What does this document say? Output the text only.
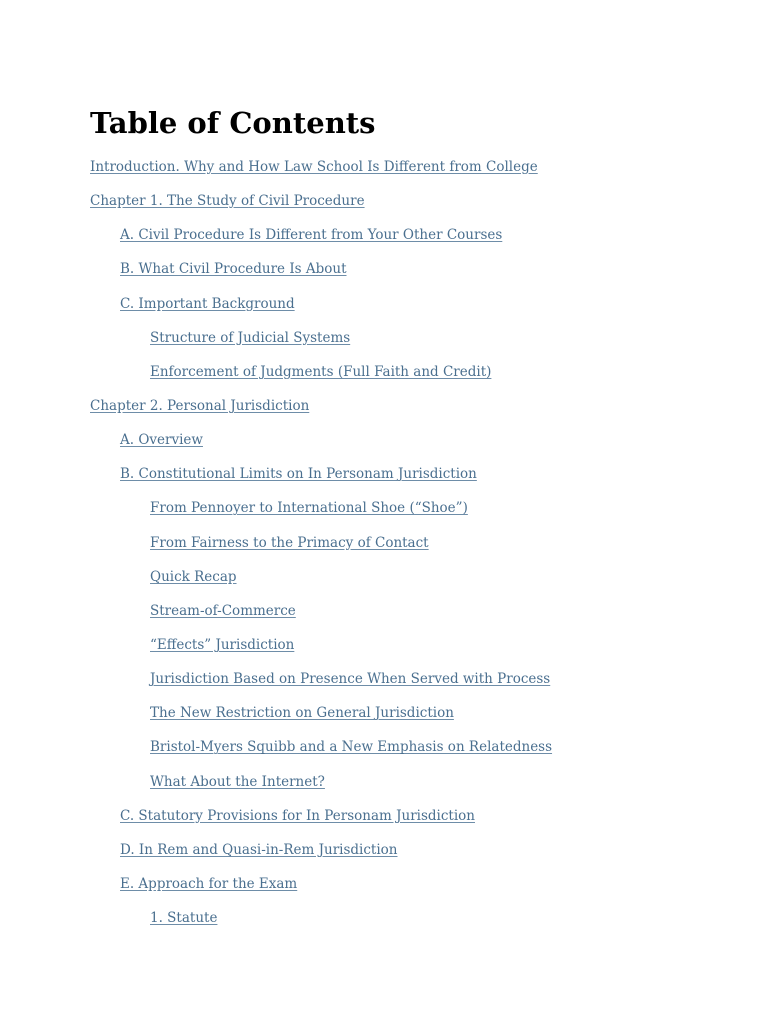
Table of Contents
Introduction. Why and How Law School Is Different from College
Chapter 1. The Study of Civil Procedure
A. Civil Procedure Is Different from Your Other Courses
B. What Civil Procedure Is About
C. Important Background
Structure of Judicial Systems
Enforcement of Judgments (Full Faith and Credit)
Chapter 2. Personal Jurisdiction
A. Overview
B. Constitutional Limits on In Personam Jurisdiction
From Pennoyer to International Shoe (“Shoe”)
From Fairness to the Primacy of Contact
Quick Recap
Stream-of-Commerce
“Effects” Jurisdiction
Jurisdiction Based on Presence When Served with Process
The New Restriction on General Jurisdiction
Bristol-Myers Squibb and a New Emphasis on Relatedness
What About the Internet?
C. Statutory Provisions for In Personam Jurisdiction
D. In Rem and Quasi-in-Rem Jurisdiction
E. Approach for the Exam
1. Statute
